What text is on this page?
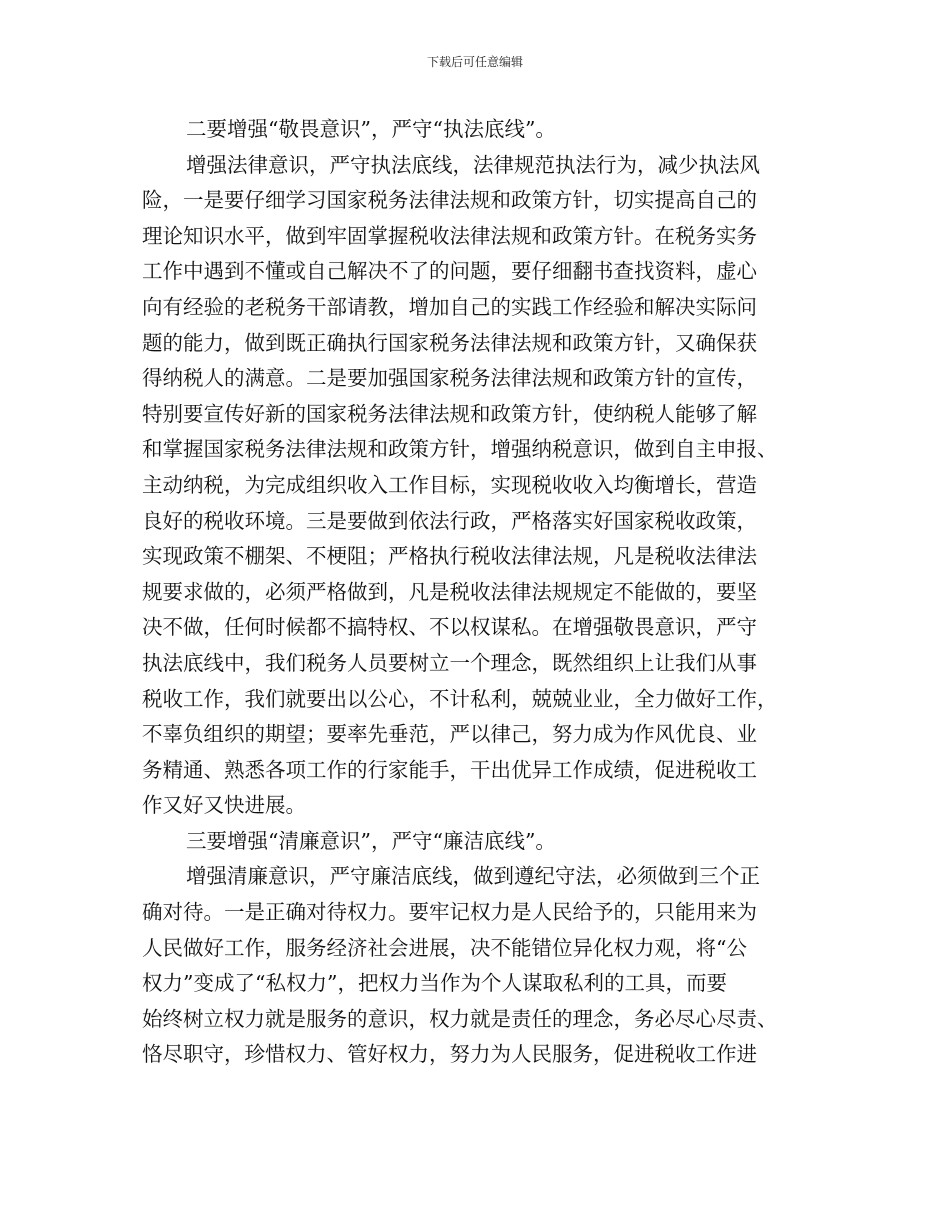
下载后可任意编辑
二要增强“敬畏意识”，严守“执法底线”。
增强法律意识，严守执法底线，法律规范执法行为，减少执法风
险，一是要仔细学习国家税务法律法规和政策方针，切实提高自己的
理论知识水平，做到牢固掌握税收法律法规和政策方针。在税务实务
工作中遇到不懂或自己解决不了的问题，要仔细翻书查找资料，虚心
向有经验的老税务干部请教，增加自己的实践工作经验和解决实际问
题的能力，做到既正确执行国家税务法律法规和政策方针，又确保获
得纳税人的满意。二是要加强国家税务法律法规和政策方针的宣传，
特别要宣传好新的国家税务法律法规和政策方针，使纳税人能够了解
和掌握国家税务法律法规和政策方针，增强纳税意识，做到自主申报、
主动纳税，为完成组织收入工作目标，实现税收收入均衡增长，营造
良好的税收环境。三是要做到依法行政，严格落实好国家税收政策，
实现政策不棚架、不梗阻；严格执行税收法律法规，凡是税收法律法
规要求做的，必须严格做到，凡是税收法律法规规定不能做的，要坚
决不做，任何时候都不搞特权、不以权谋私。在增强敬畏意识，严守
执法底线中，我们税务人员要树立一个理念，既然组织上让我们从事
税收工作，我们就要出以公心，不计私利，兢兢业业，全力做好工作，
不辜负组织的期望；要率先垂范，严以律己，努力成为作风优良、业
务精通、熟悉各项工作的行家能手，干出优异工作成绩，促进税收工
作又好又快进展。
三要增强“清廉意识”，严守“廉洁底线”。
增强清廉意识，严守廉洁底线，做到遵纪守法，必须做到三个正
确对待。一是正确对待权力。要牢记权力是人民给予的，只能用来为
人民做好工作，服务经济社会进展，决不能错位异化权力观，将“公
权力”变成了“私权力”，把权力当作为个人谋取私利的工具，而要
始终树立权力就是服务的意识，权力就是责任的理念，务必尽心尽责、
恪尽职守，珍惜权力、管好权力，努力为人民服务，促进税收工作进
